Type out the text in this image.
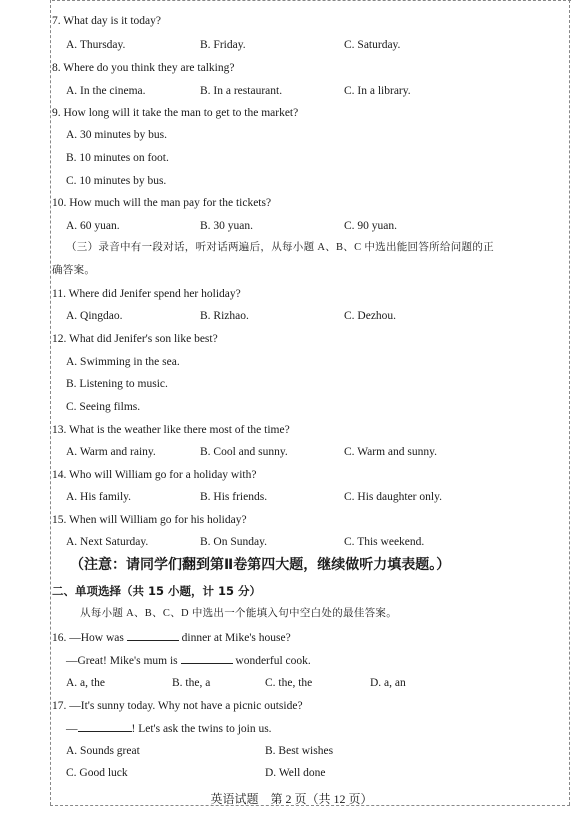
7. What day is it today?
A. Thursday.	B. Friday.	C. Saturday.
8. Where do you think they are talking?
A. In the cinema.	B. In a restaurant.	C. In a library.
9. How long will it take the man to get to the market?
A. 30 minutes by bus.
B. 10 minutes on foot.
C. 10 minutes by bus.
10. How much will the man pay for the tickets?
A. 60 yuan.	B. 30 yuan.	C. 90 yuan.
（三）录音中有一段对话，听对话两遍后，从每小题 A、B、C 中选出能回答所给问题的正
确答案。
11. Where did Jenifer spend her holiday?
A. Qingdao.	B. Rizhao.	C. Dezhou.
12. What did Jenifer's son like best?
A. Swimming in the sea.
B. Listening to music.
C. Seeing films.
13. What is the weather like there most of the time?
A. Warm and rainy.	B. Cool and sunny.	C. Warm and sunny.
14. Who will William go for a holiday with?
A. His family.	B. His friends.	C. His daughter only.
15. When will William go for his holiday?
A. Next Saturday.	B. On Sunday.	C. This weekend.
（注意：请同学们翻到第Ⅱ卷第四大题，继续做听力填表题。）
二、单项选择（共 15 小题，计 15 分）
从每小题 A、B、C、D 中选出一个能填入句中空白处的最佳答案。
16. —How was	dinner at Mike's house?
—Great! Mike's mum is	wonderful cook.
A. a, the	B. the, a	C. the, the	D. a, an
17. —It's sunny today. Why not have a picnic outside?
—	! Let's ask the twins to join us.
A. Sounds great	B. Best wishes
C. Good luck	D. Well done
英语试题　第 2 页（共 12 页）
